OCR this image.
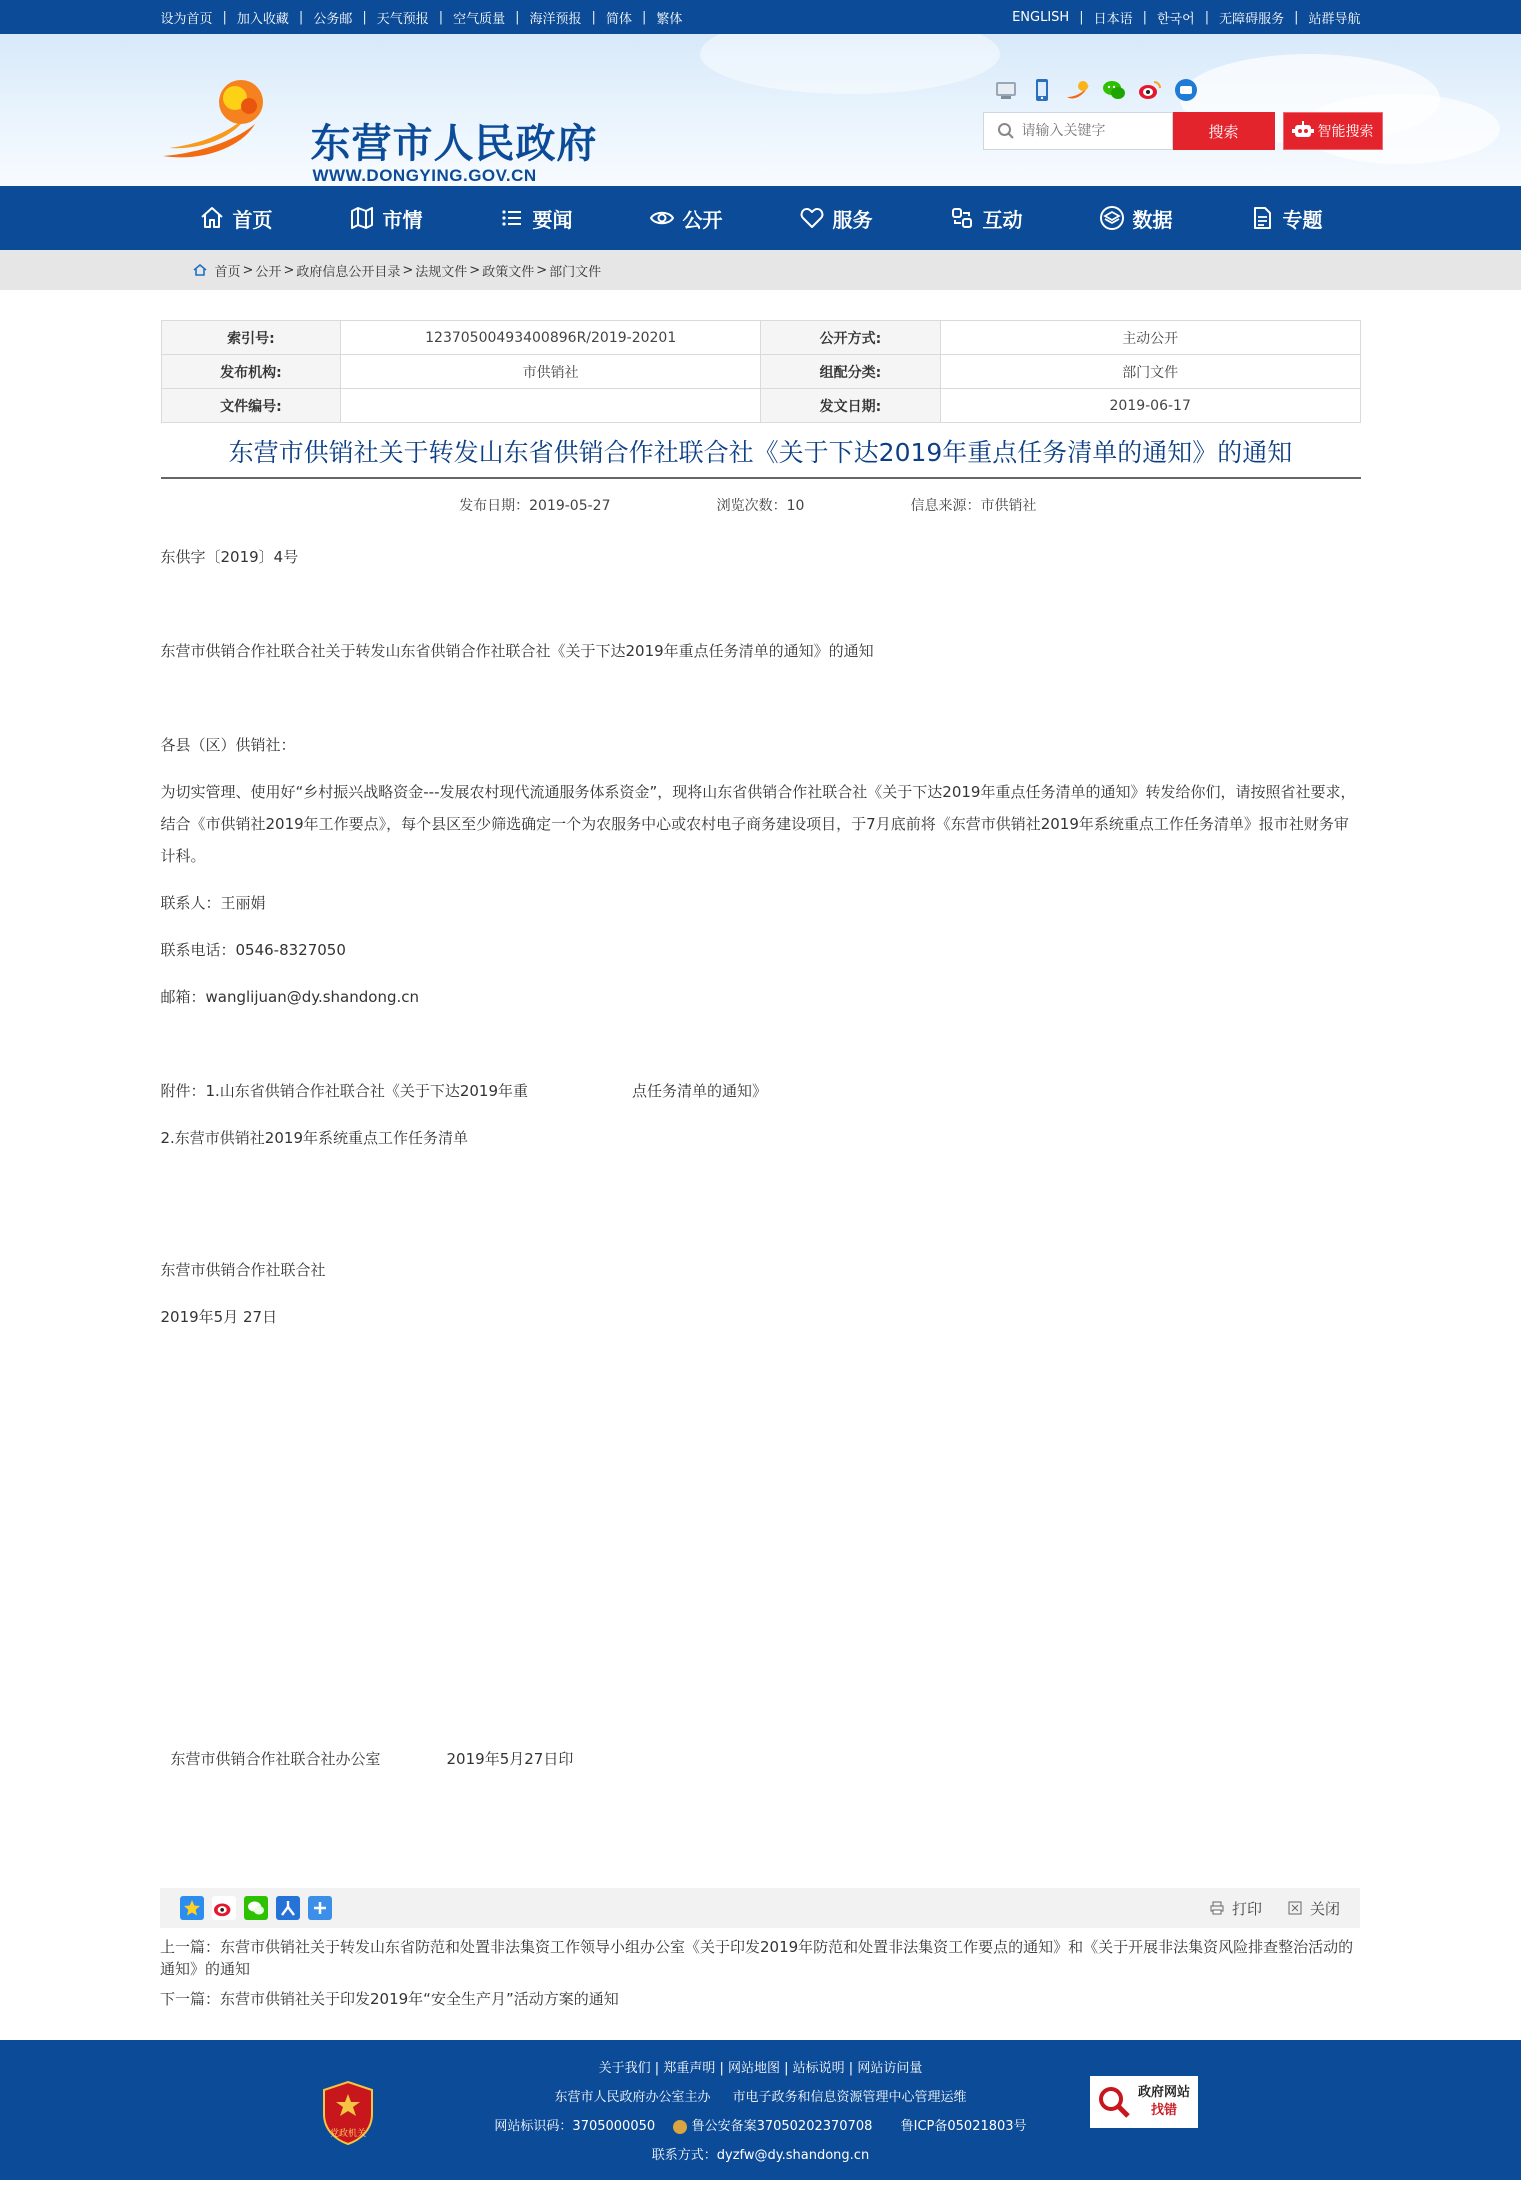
设为首页 | 加入收藏 | 公务邮 | 天气预报 | 空气质量 | 海洋预报 | 简体 | 繁体	ENGLISH | 日本语 | 한국어 | 无障碍服务 | 站群导航
东营市人民政府
WWW.DONGYING.GOV.CN
请输入关键字
搜索	智能搜索
首页	市情	要闻	公开	服务	互动	数据	专题
首页 > 公开 > 政府信息公开目录 > 法规文件 > 政策文件 > 部门文件
索引号:	12370500493400896R/2019-20201	公开方式:	主动公开
发布机构:	市供销社	组配分类:	部门文件
文件编号:		发文日期:	2019-06-17
东营市供销社关于转发山东省供销合作社联合社《关于下达2019年重点任务清单的通知》的通知
发布日期：2019-05-27	浏览次数：10	信息来源：市供销社

东供字〔2019〕4号

东营市供销合作社联合社关于转发山东省供销合作社联合社《关于下达2019年重点任务清单的通知》的通知

各县（区）供销社：

为切实管理、使用好“乡村振兴战略资金---发展农村现代流通服务体系资金”，现将山东省供销合作社联合社《关于下达2019年重点任务清单的通知》转发给你们，请按照省社要求，结合《市供销社2019年工作要点》，每个县区至少筛选确定一个为农服务中心或农村电子商务建设项目，于7月底前将《东营市供销社2019年系统重点工作任务清单》报市社财务审计科。

联系人：王丽娟

联系电话：0546-8327050

邮箱：wanglijuan@dy.shandong.cn

附件：1.山东省供销合作社联合社《关于下达2019年重	点任务清单的通知》

2.东营市供销社2019年系统重点工作任务清单

东营市供销合作社联合社

2019年5月 27日

东营市供销合作社联合社办公室	2019年5月27日印

打印	关闭
上一篇：东营市供销社关于转发山东省防范和处置非法集资工作领导小组办公室《关于印发2019年防范和处置非法集资工作要点的通知》和《关于开展非法集资风险排查整治活动的通知》的通知
下一篇：东营市供销社关于印发2019年“安全生产月”活动方案的通知
党政机关
关于我们 | 郑重声明 | 网站地图 | 站标说明 | 网站访问量
东营市人民政府办公室主办 市电子政务和信息资源管理中心管理运维
网站标识码：3705000050	鲁公安备案37050202370708 鲁ICP备05021803号
联系方式：dyzfw@dy.shandong.cn
政府网站
找错
